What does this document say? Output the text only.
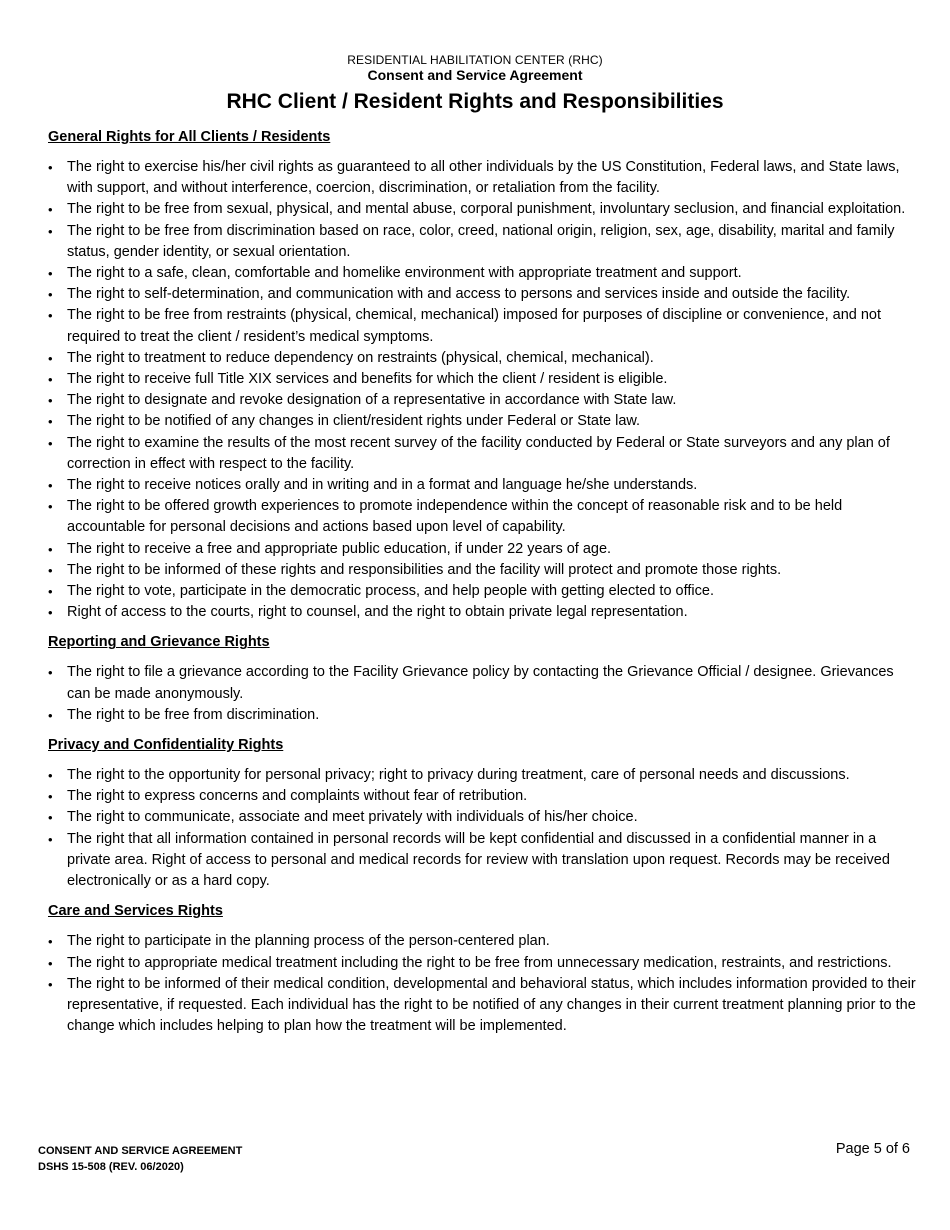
RESIDENTIAL HABILITATION CENTER (RHC)
Consent and Service Agreement
RHC Client / Resident Rights and Responsibilities
General Rights for All Clients / Residents
• The right to exercise his/her civil rights as guaranteed to all other individuals by the US Constitution, Federal laws, and State laws, with support, and without interference, coercion, discrimination, or retaliation from the facility.
• The right to be free from sexual, physical, and mental abuse, corporal punishment, involuntary seclusion, and financial exploitation.
• The right to be free from discrimination based on race, color, creed, national origin, religion, sex, age, disability, marital and family status, gender identity, or sexual orientation.
• The right to a safe, clean, comfortable and homelike environment with appropriate treatment and support.
• The right to self-determination, and communication with and access to persons and services inside and outside the facility.
• The right to be free from restraints (physical, chemical, mechanical) imposed for purposes of discipline or convenience, and not required to treat the client / resident’s medical symptoms.
• The right to treatment to reduce dependency on restraints (physical, chemical, mechanical).
• The right to receive full Title XIX services and benefits for which the client / resident is eligible.
• The right to designate and revoke designation of a representative in accordance with State law.
• The right to be notified of any changes in client/resident rights under Federal or State law.
• The right to examine the results of the most recent survey of the facility conducted by Federal or State surveyors and any plan of correction in effect with respect to the facility.
• The right to receive notices orally and in writing and in a format and language he/she understands.
• The right to be offered growth experiences to promote independence within the concept of reasonable risk and to be held accountable for personal decisions and actions based upon level of capability.
• The right to receive a free and appropriate public education, if under 22 years of age.
• The right to be informed of these rights and responsibilities and the facility will protect and promote those rights.
• The right to vote, participate in the democratic process, and help people with getting elected to office.
• Right of access to the courts, right to counsel, and the right to obtain private legal representation.
Reporting and Grievance Rights
• The right to file a grievance according to the Facility Grievance policy by contacting the Grievance Official / designee. Grievances can be made anonymously.
• The right to be free from discrimination.
Privacy and Confidentiality Rights
• The right to the opportunity for personal privacy; right to privacy during treatment, care of personal needs and discussions.
• The right to express concerns and complaints without fear of retribution.
• The right to communicate, associate and meet privately with individuals of his/her choice.
• The right that all information contained in personal records will be kept confidential and discussed in a confidential manner in a private area. Right of access to personal and medical records for review with translation upon request. Records may be received electronically or as a hard copy.
Care and Services Rights
• The right to participate in the planning process of the person-centered plan.
• The right to appropriate medical treatment including the right to be free from unnecessary medication, restraints, and restrictions.
• The right to be informed of their medical condition, developmental and behavioral status, which includes information provided to their representative, if requested. Each individual has the right to be notified of any changes in their current treatment planning prior to the change which includes helping to plan how the treatment will be implemented.
CONSENT AND SERVICE AGREEMENT
DSHS 15-508 (REV. 06/2020)
Page 5 of 6
